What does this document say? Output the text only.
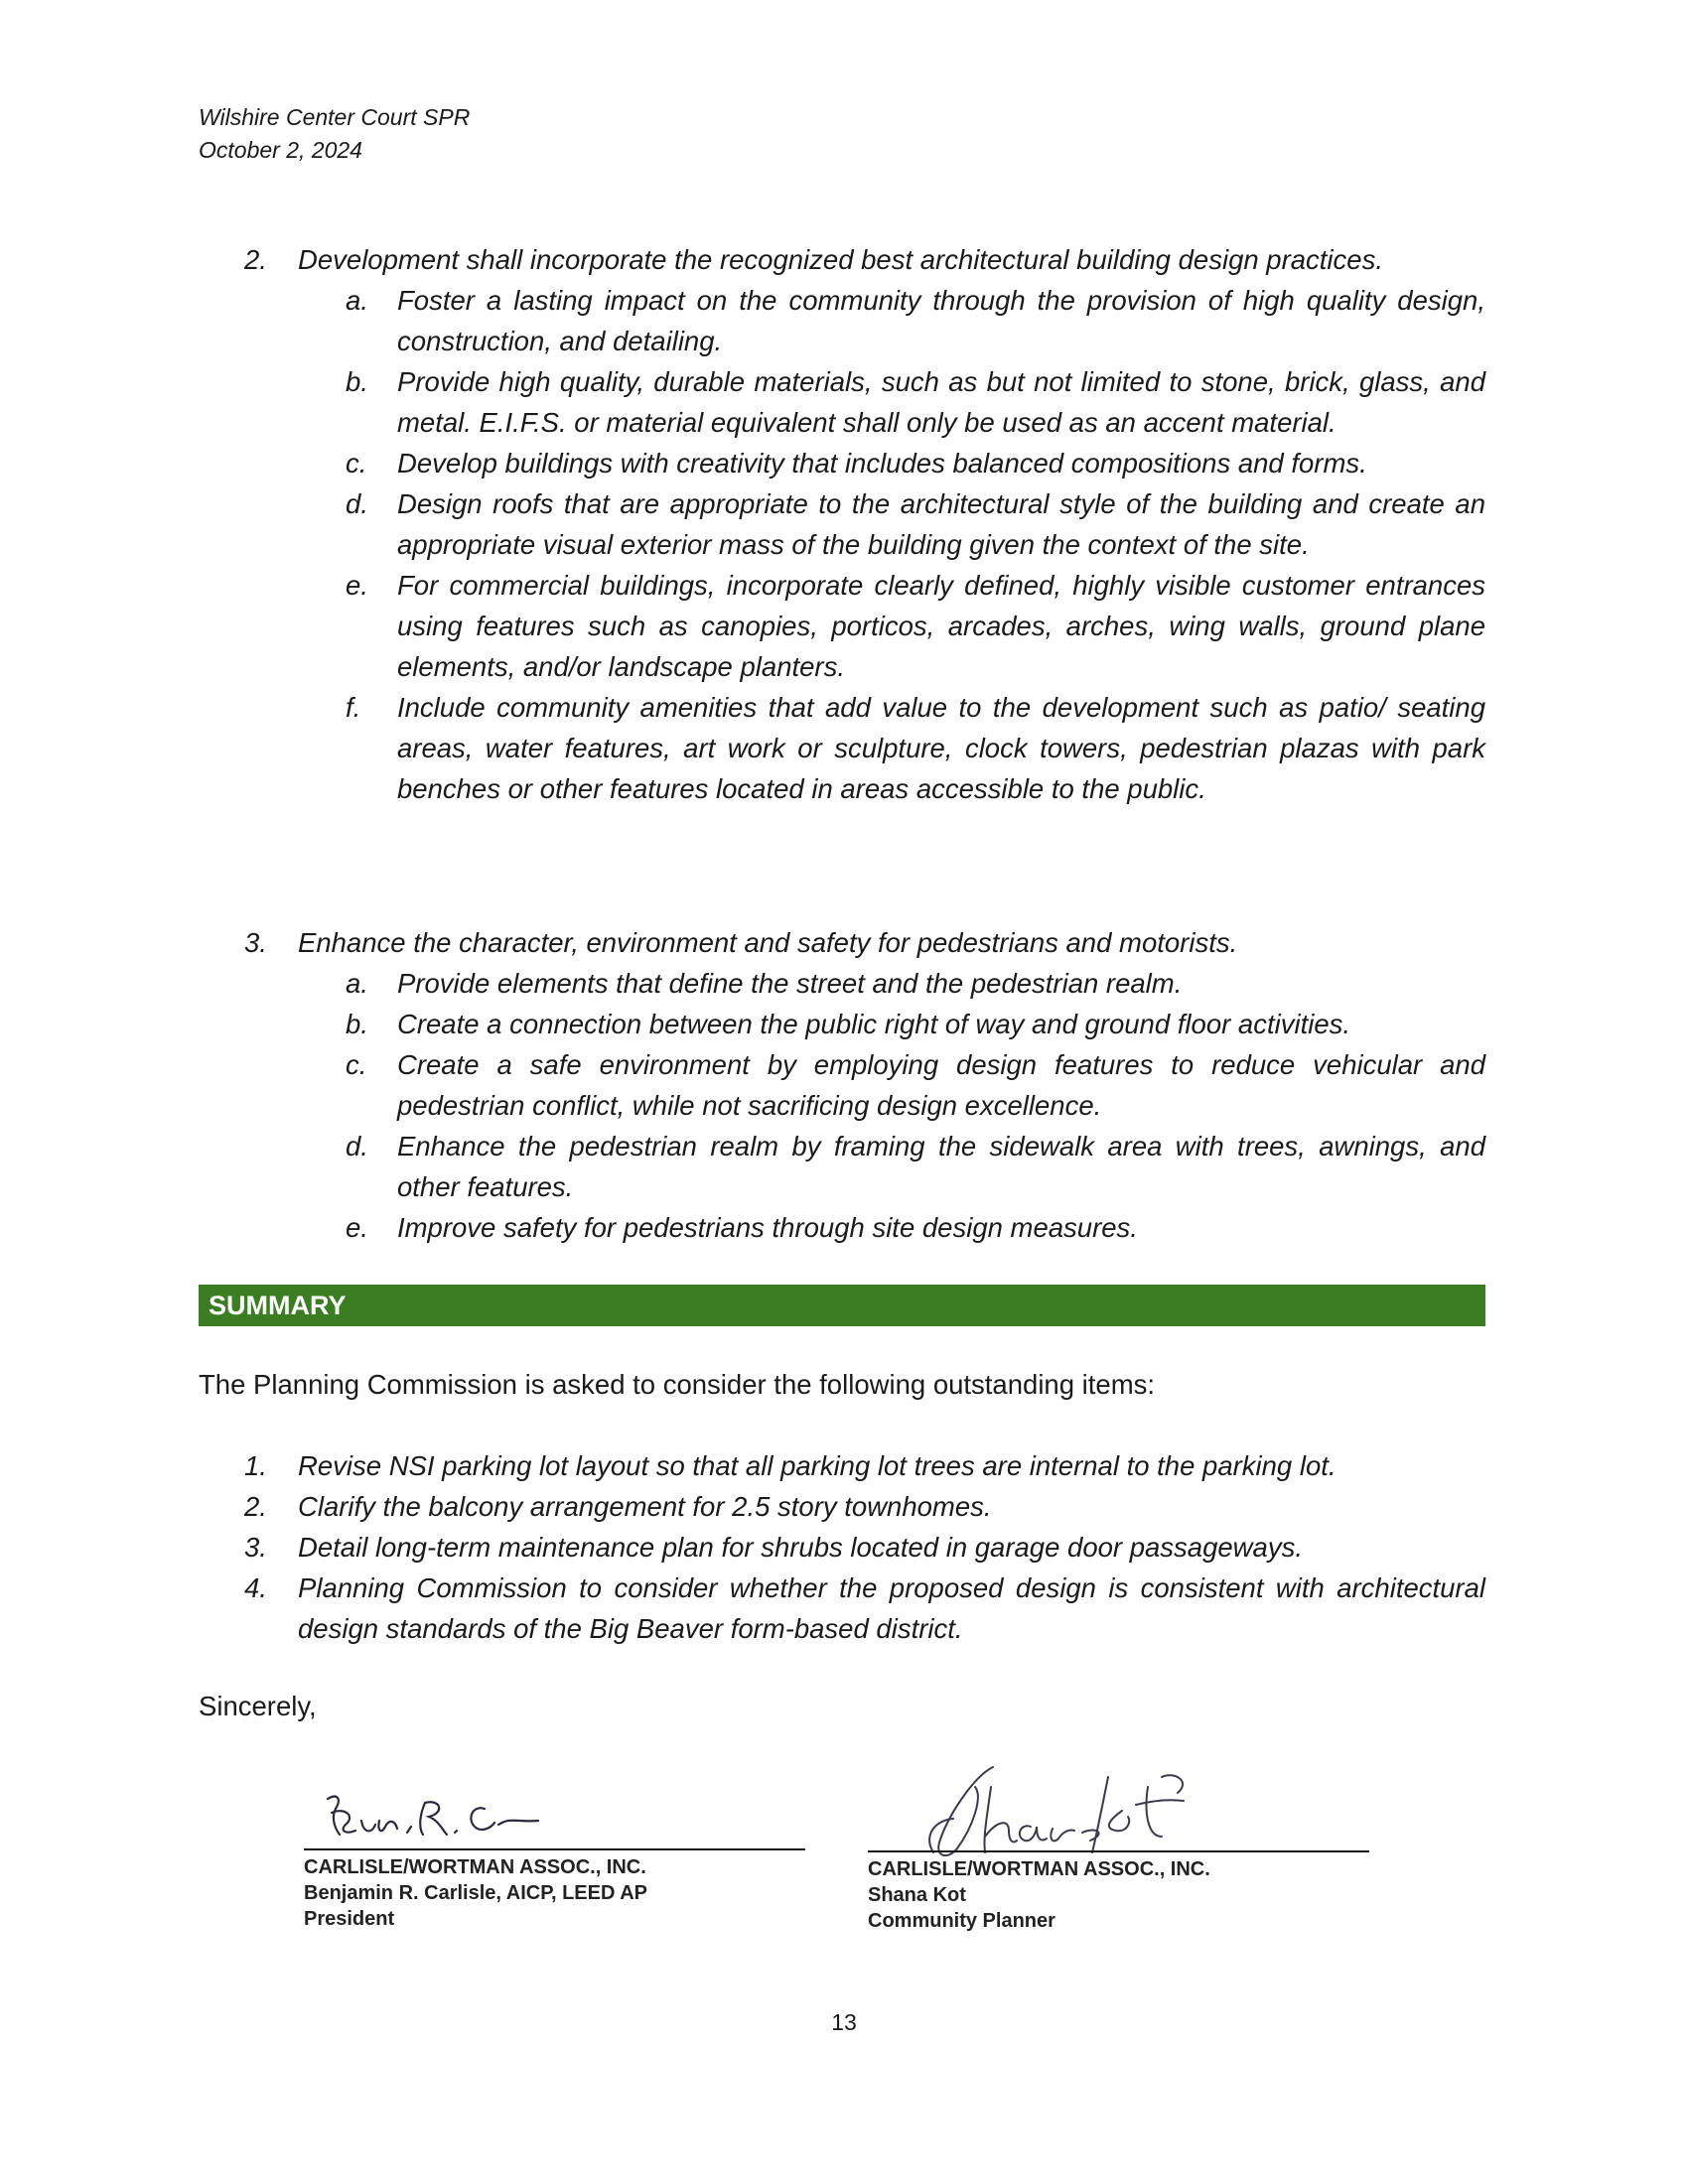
Wilshire Center Court SPR
October 2, 2024
2. Development shall incorporate the recognized best architectural building design practices.
a. Foster a lasting impact on the community through the provision of high quality design, construction, and detailing.
b. Provide high quality, durable materials, such as but not limited to stone, brick, glass, and metal. E.I.F.S. or material equivalent shall only be used as an accent material.
c. Develop buildings with creativity that includes balanced compositions and forms.
d. Design roofs that are appropriate to the architectural style of the building and create an appropriate visual exterior mass of the building given the context of the site.
e. For commercial buildings, incorporate clearly defined, highly visible customer entrances using features such as canopies, porticos, arcades, arches, wing walls, ground plane elements, and/or landscape planters.
f. Include community amenities that add value to the development such as patio/ seating areas, water features, art work or sculpture, clock towers, pedestrian plazas with park benches or other features located in areas accessible to the public.
3. Enhance the character, environment and safety for pedestrians and motorists.
a. Provide elements that define the street and the pedestrian realm.
b. Create a connection between the public right of way and ground floor activities.
c. Create a safe environment by employing design features to reduce vehicular and pedestrian conflict, while not sacrificing design excellence.
d. Enhance the pedestrian realm by framing the sidewalk area with trees, awnings, and other features.
e. Improve safety for pedestrians through site design measures.
SUMMARY
The Planning Commission is asked to consider the following outstanding items:
1. Revise NSI parking lot layout so that all parking lot trees are internal to the parking lot.
2. Clarify the balcony arrangement for 2.5 story townhomes.
3. Detail long-term maintenance plan for shrubs located in garage door passageways.
4. Planning Commission to consider whether the proposed design is consistent with architectural design standards of the Big Beaver form-based district.
Sincerely,
CARLISLE/WORTMAN ASSOC., INC.
Benjamin R. Carlisle, AICP, LEED AP
President
CARLISLE/WORTMAN ASSOC., INC.
Shana Kot
Community Planner
13
